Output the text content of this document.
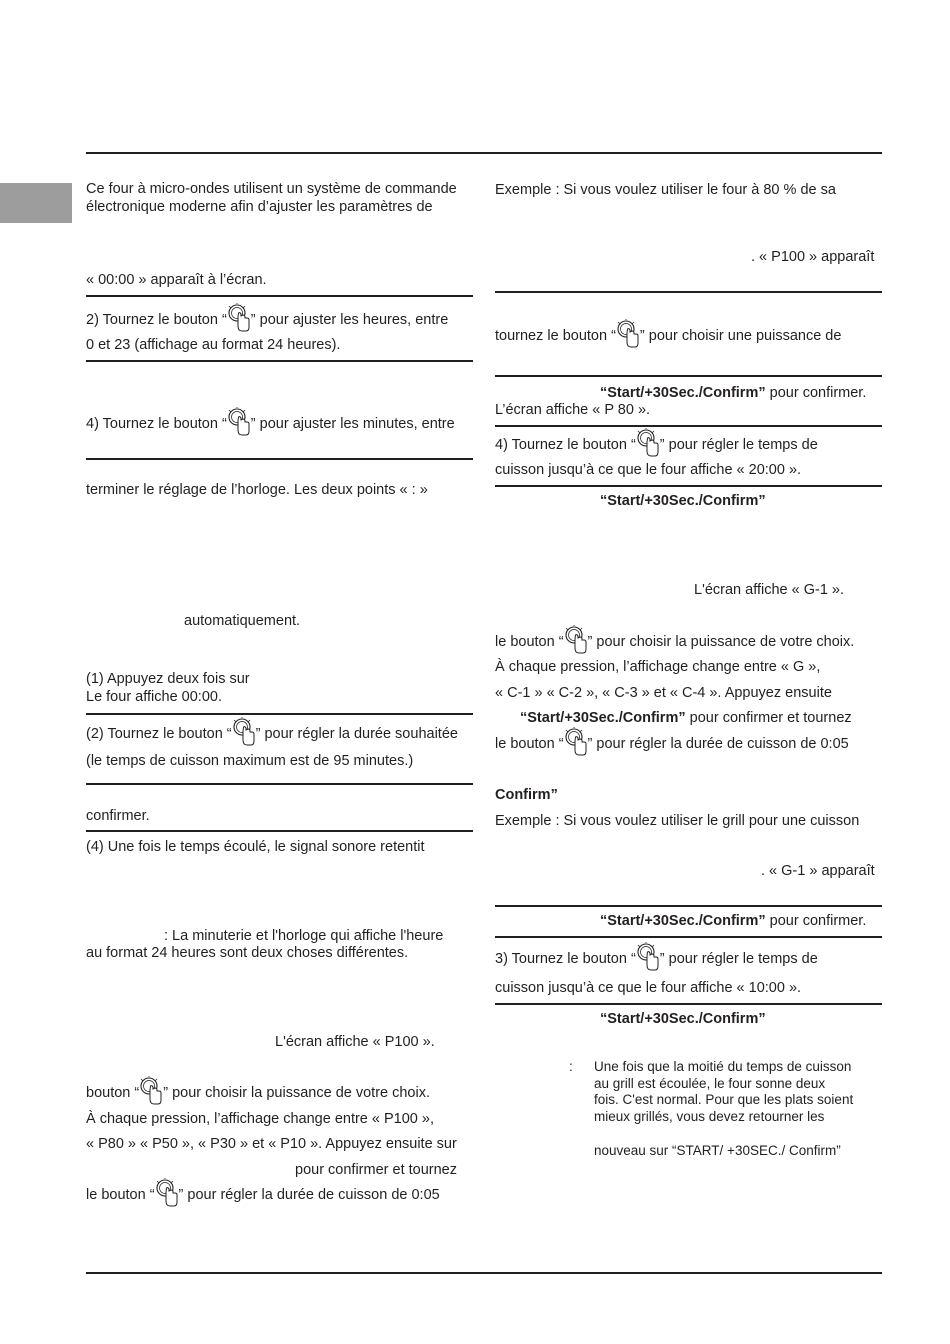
Ce four à micro-ondes utilisent un système de commande
électronique moderne afin d’ajuster les paramètres de
« 00:00 » apparaît à l’écran.
2) Tournez le bouton “ ” pour ajuster les heures, entre
0 et 23 (affichage au format 24 heures).
4) Tournez le bouton “ ” pour ajuster les minutes, entre
terminer le réglage de l’horloge. Les deux points « : »
automatiquement.
(1) Appuyez deux fois sur
Le four affiche 00:00.
(2) Tournez le bouton “ ” pour régler la durée souhaitée
(le temps de cuisson maximum est de 95 minutes.)
confirmer.
(4) Une fois le temps écoulé, le signal sonore retentit
: La minuterie et l'horloge qui affiche l'heure
au format 24 heures sont deux choses différentes.
L'écran affiche « P100 ».
bouton “ ” pour choisir la puissance de votre choix.
À chaque pression, l’affichage change entre « P100 »,
« P80 » « P50 », « P30 » et « P10 ». Appuyez ensuite sur
pour confirmer et tournez
le bouton “ ” pour régler la durée de cuisson de 0:05
Exemple : Si vous voulez utiliser le four à 80 % de sa
. « P100 » apparaît
tournez le bouton “ ” pour choisir une puissance de
“Start/+30Sec./Confirm” pour confirmer.
L’écran affiche « P 80 ».
4) Tournez le bouton “ ” pour régler le temps de
cuisson jusqu’à ce que le four affiche « 20:00 ».
“Start/+30Sec./Confirm”
L'écran affiche « G-1 ».
le bouton “ ” pour choisir la puissance de votre choix.
À chaque pression, l’affichage change entre « G »,
« C-1 » « C-2 », « C-3 » et « C-4 ». Appuyez ensuite
“Start/+30Sec./Confirm” pour confirmer et tournez
le bouton “ ” pour régler la durée de cuisson de 0:05
Confirm”
Exemple : Si vous voulez utiliser le grill pour une cuisson
. « G-1 » apparaît
“Start/+30Sec./Confirm” pour confirmer.
3) Tournez le bouton “ ” pour régler le temps de
cuisson jusqu’à ce que le four affiche « 10:00 ».
“Start/+30Sec./Confirm”
: Une fois que la moitié du temps de cuisson
au grill est écoulée, le four sonne deux
fois. C'est normal. Pour que les plats soient
mieux grillés, vous devez retourner les
nouveau sur “START/ +30SEC./ Confirm”
